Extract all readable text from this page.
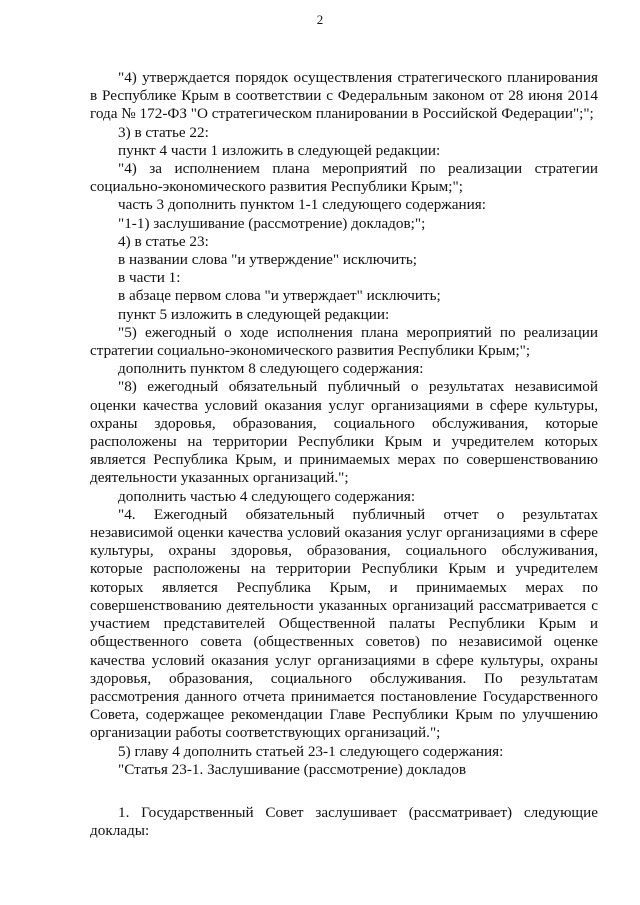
2

"4) утверждается порядок осуществления стратегического планирования в Республике Крым в соответствии с Федеральным законом от 28 июня 2014 года № 172-ФЗ "О стратегическом планировании в Российской Федерации";";

3) в статье 22:

пункт 4 части 1 изложить в следующей редакции:

"4) за исполнением плана мероприятий по реализации стратегии социально-экономического развития Республики Крым;";

часть 3 дополнить пунктом 1-1 следующего содержания:

"1-1) заслушивание (рассмотрение) докладов;";

4) в статье 23:

в названии слова "и утверждение" исключить;

в части 1:

в абзаце первом слова "и утверждает" исключить;

пункт 5 изложить в следующей редакции:

"5) ежегодный о ходе исполнения плана мероприятий по реализации стратегии социально-экономического развития Республики Крым;";

дополнить пунктом 8 следующего содержания:

"8) ежегодный обязательный публичный о результатах независимой оценки качества условий оказания услуг организациями в сфере культуры, охраны здоровья, образования, социального обслуживания, которые расположены на территории Республики Крым и учредителем которых является Республика Крым, и принимаемых мерах по совершенствованию деятельности указанных организаций.";

дополнить частью 4 следующего содержания:

"4. Ежегодный обязательный публичный отчет о результатах независимой оценки качества условий оказания услуг организациями в сфере культуры, охраны здоровья, образования, социального обслуживания, которые расположены на территории Республики Крым и учредителем которых является Республика Крым, и принимаемых мерах по совершенствованию деятельности указанных организаций рассматривается с участием представителей Общественной палаты Республики Крым и общественного совета (общественных советов) по независимой оценке качества условий оказания услуг организациями в сфере культуры, охраны здоровья, образования, социального обслуживания. По результатам рассмотрения данного отчета принимается постановление Государственного Совета, содержащее рекомендации Главе Республики Крым по улучшению организации работы соответствующих организаций.";

5) главу 4 дополнить статьей 23-1 следующего содержания:

"Статья 23-1. Заслушивание (рассмотрение) докладов

1. Государственный Совет заслушивает (рассматривает) следующие доклады:
